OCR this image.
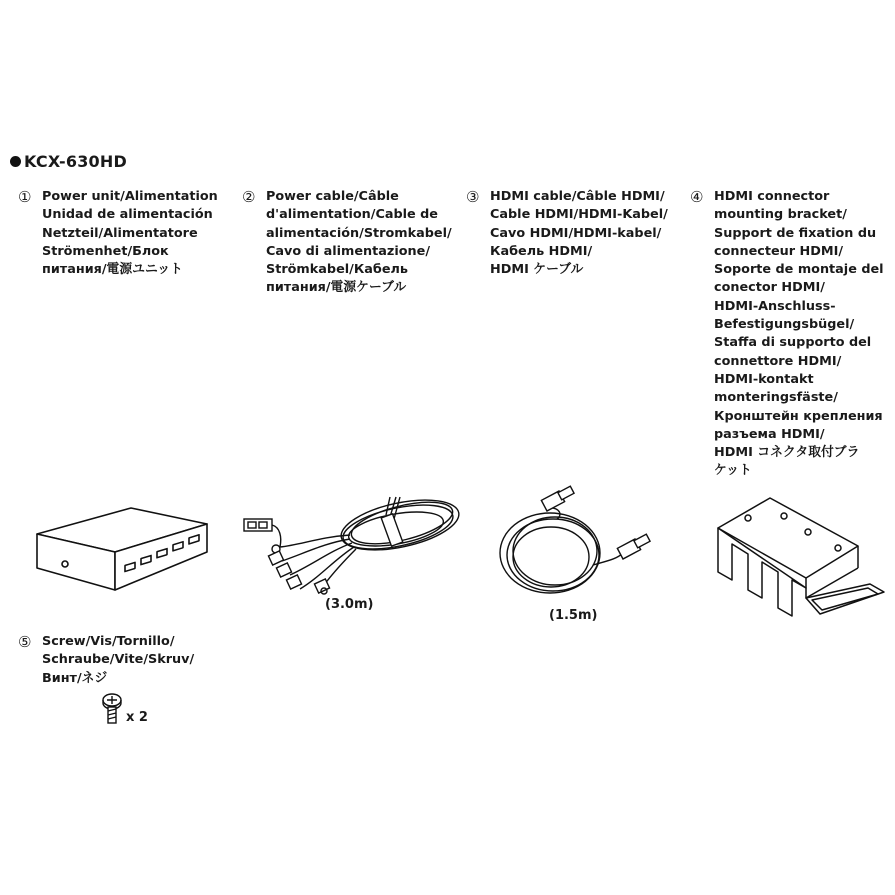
KCX-630HD
① Power unit/Alimentation
Unidad de alimentación
Netzteil/Alimentatore
Strömenhet/Блок
питания/電源ユニット
② Power cable/Câble
d'alimentation/Cable de
alimentación/Stromkabel/
Cavo di alimentazione/
Strömkabel/Кабель
питания/電源ケーブル
③ HDMI cable/Câble HDMI/
Cable HDMI/HDMI-Kabel/
Cavo HDMI/HDMI-kabel/
Кабель HDMI/
HDMI ケーブル
④ HDMI connector
mounting bracket/
Support de fixation du
connecteur HDMI/
Soporte de montaje del
conector HDMI/
HDMI-Anschluss-
Befestigungsbügel/
Staffa di supporto del
connettore HDMI/
HDMI-kontakt
monteringsfäste/
Кронштейн крепления
разъема HDMI/
HDMI コネクタ取付ブラ
ケット
⑤ Screw/Vis/Tornillo/
Schraube/Vite/Skruv/
Винт/ネジ
(3.0m)
(1.5m)
x 2
